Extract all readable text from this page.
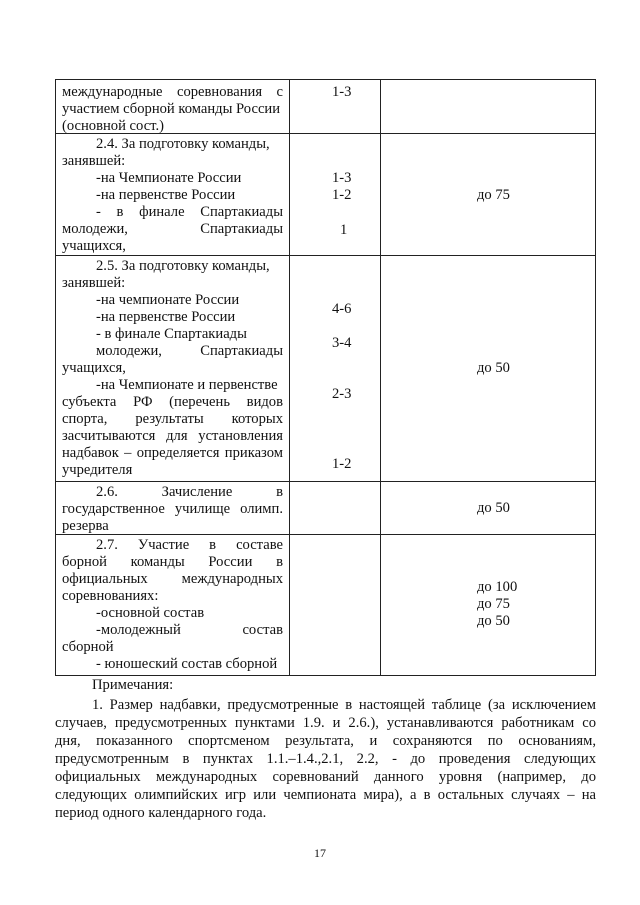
международные соревнования с
участием сборной команды России
(основной сост.)
1-3
2.4. За подготовку команды,
занявшей:
-на Чемпионате России
-на первенстве России
- в финале Спартакиады
молодежи, Спартакиады
учащихся,
1-3
1-2
1
до 75
2.5. За подготовку команды,
занявшей:
-на чемпионате России
-на первенстве России
- в финале Спартакиады
молодежи, Спартакиады
учащихся,
-на Чемпионате и первенстве
субъекта РФ (перечень видов
спорта, результаты которых
засчитываются для установления
надбавок – определяется приказом
учредителя
4-6
3-4
2-3
1-2
до 50
2.6. Зачисление в
государственное училище олимп.
резерва
до 50
2.7. Участие в составе
борной команды России в
официальных международных
соревнованиях:
-основной состав
-молодежный состав
сборной
- юношеский состав сборной
до 100
до 75
до 50
Примечания:
1. Размер надбавки, предусмотренные в настоящей таблице (за исключением
случаев, предусмотренных пунктами 1.9. и 2.6.), устанавливаются работникам со
дня, показанного спортсменом результата, и сохраняются по основаниям,
предусмотренным в пунктах 1.1.–1.4.,2.1, 2.2, - до проведения следующих
официальных международных соревнований данного уровня (например, до
следующих олимпийских игр или чемпионата мира), а в остальных случаях – на
период одного календарного года.
17
